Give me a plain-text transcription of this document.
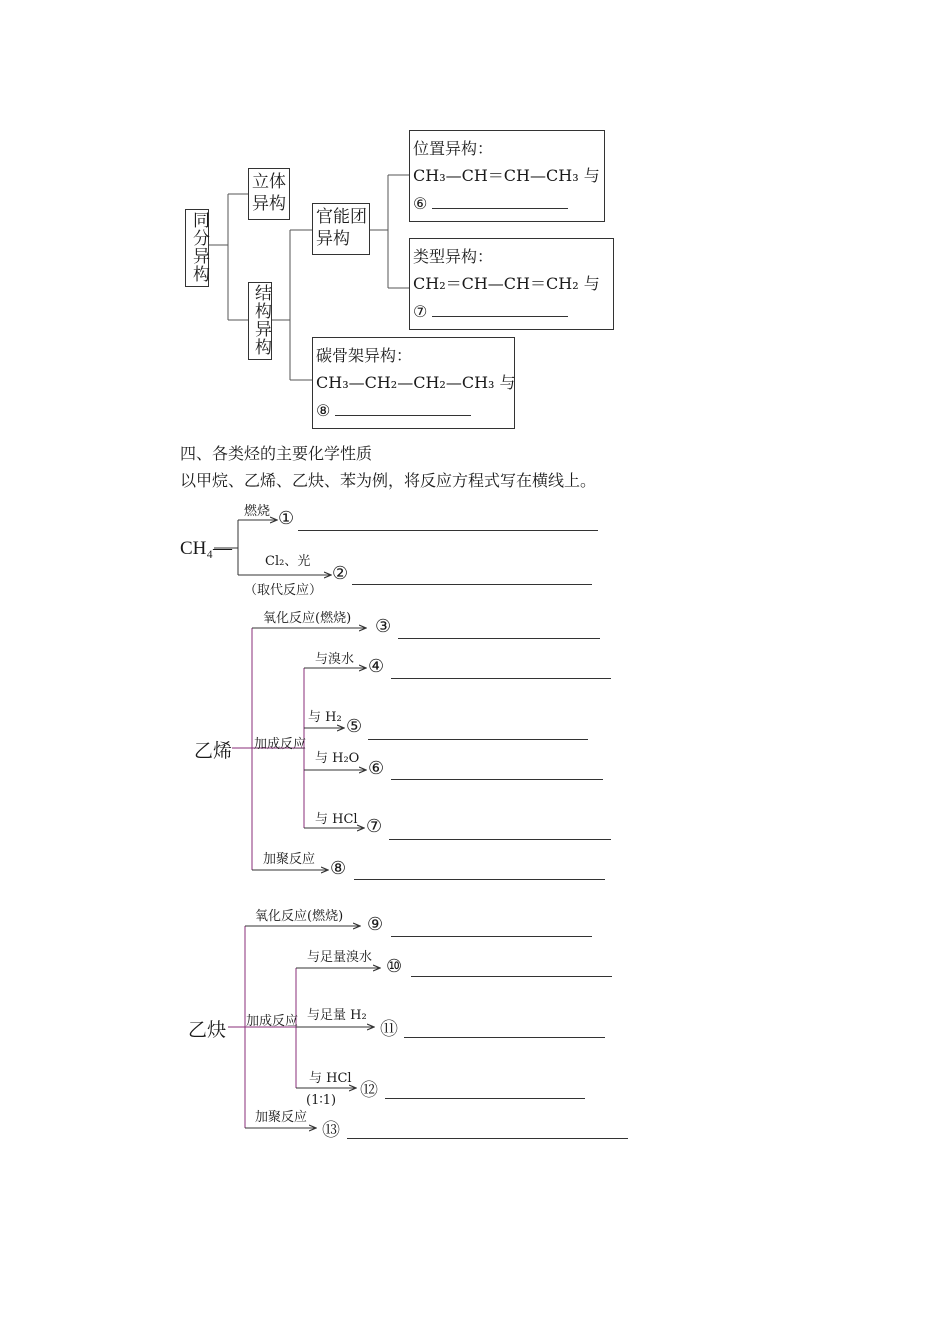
同分异构
立体异构
结构异构
官能团异构
位置异构：
CH₃—CH＝CH—CH₃ 与
⑥
类型异构：
CH₂＝CH—CH＝CH₂ 与
⑦
碳骨架异构：
CH₃—CH₂—CH₂—CH₃ 与
⑧
四、各类烃的主要化学性质
以甲烷、乙烯、乙炔、苯为例，将反应方程式写在横线上。
CH₄—
燃烧 ①
Cl₂、光
（取代反应）
②
乙烯
氧化反应(燃烧) ③
加成反应
与溴水 ④
与 H₂ ⑤
与 H₂O ⑥
与 HCl ⑦
加聚反应 ⑧
乙炔
氧化反应(燃烧) ⑨
加成反应
与足量溴水 ⑩
与足量 H₂
⑪
与 HCl
(1∶1) ⑫
加聚反应
⑬
